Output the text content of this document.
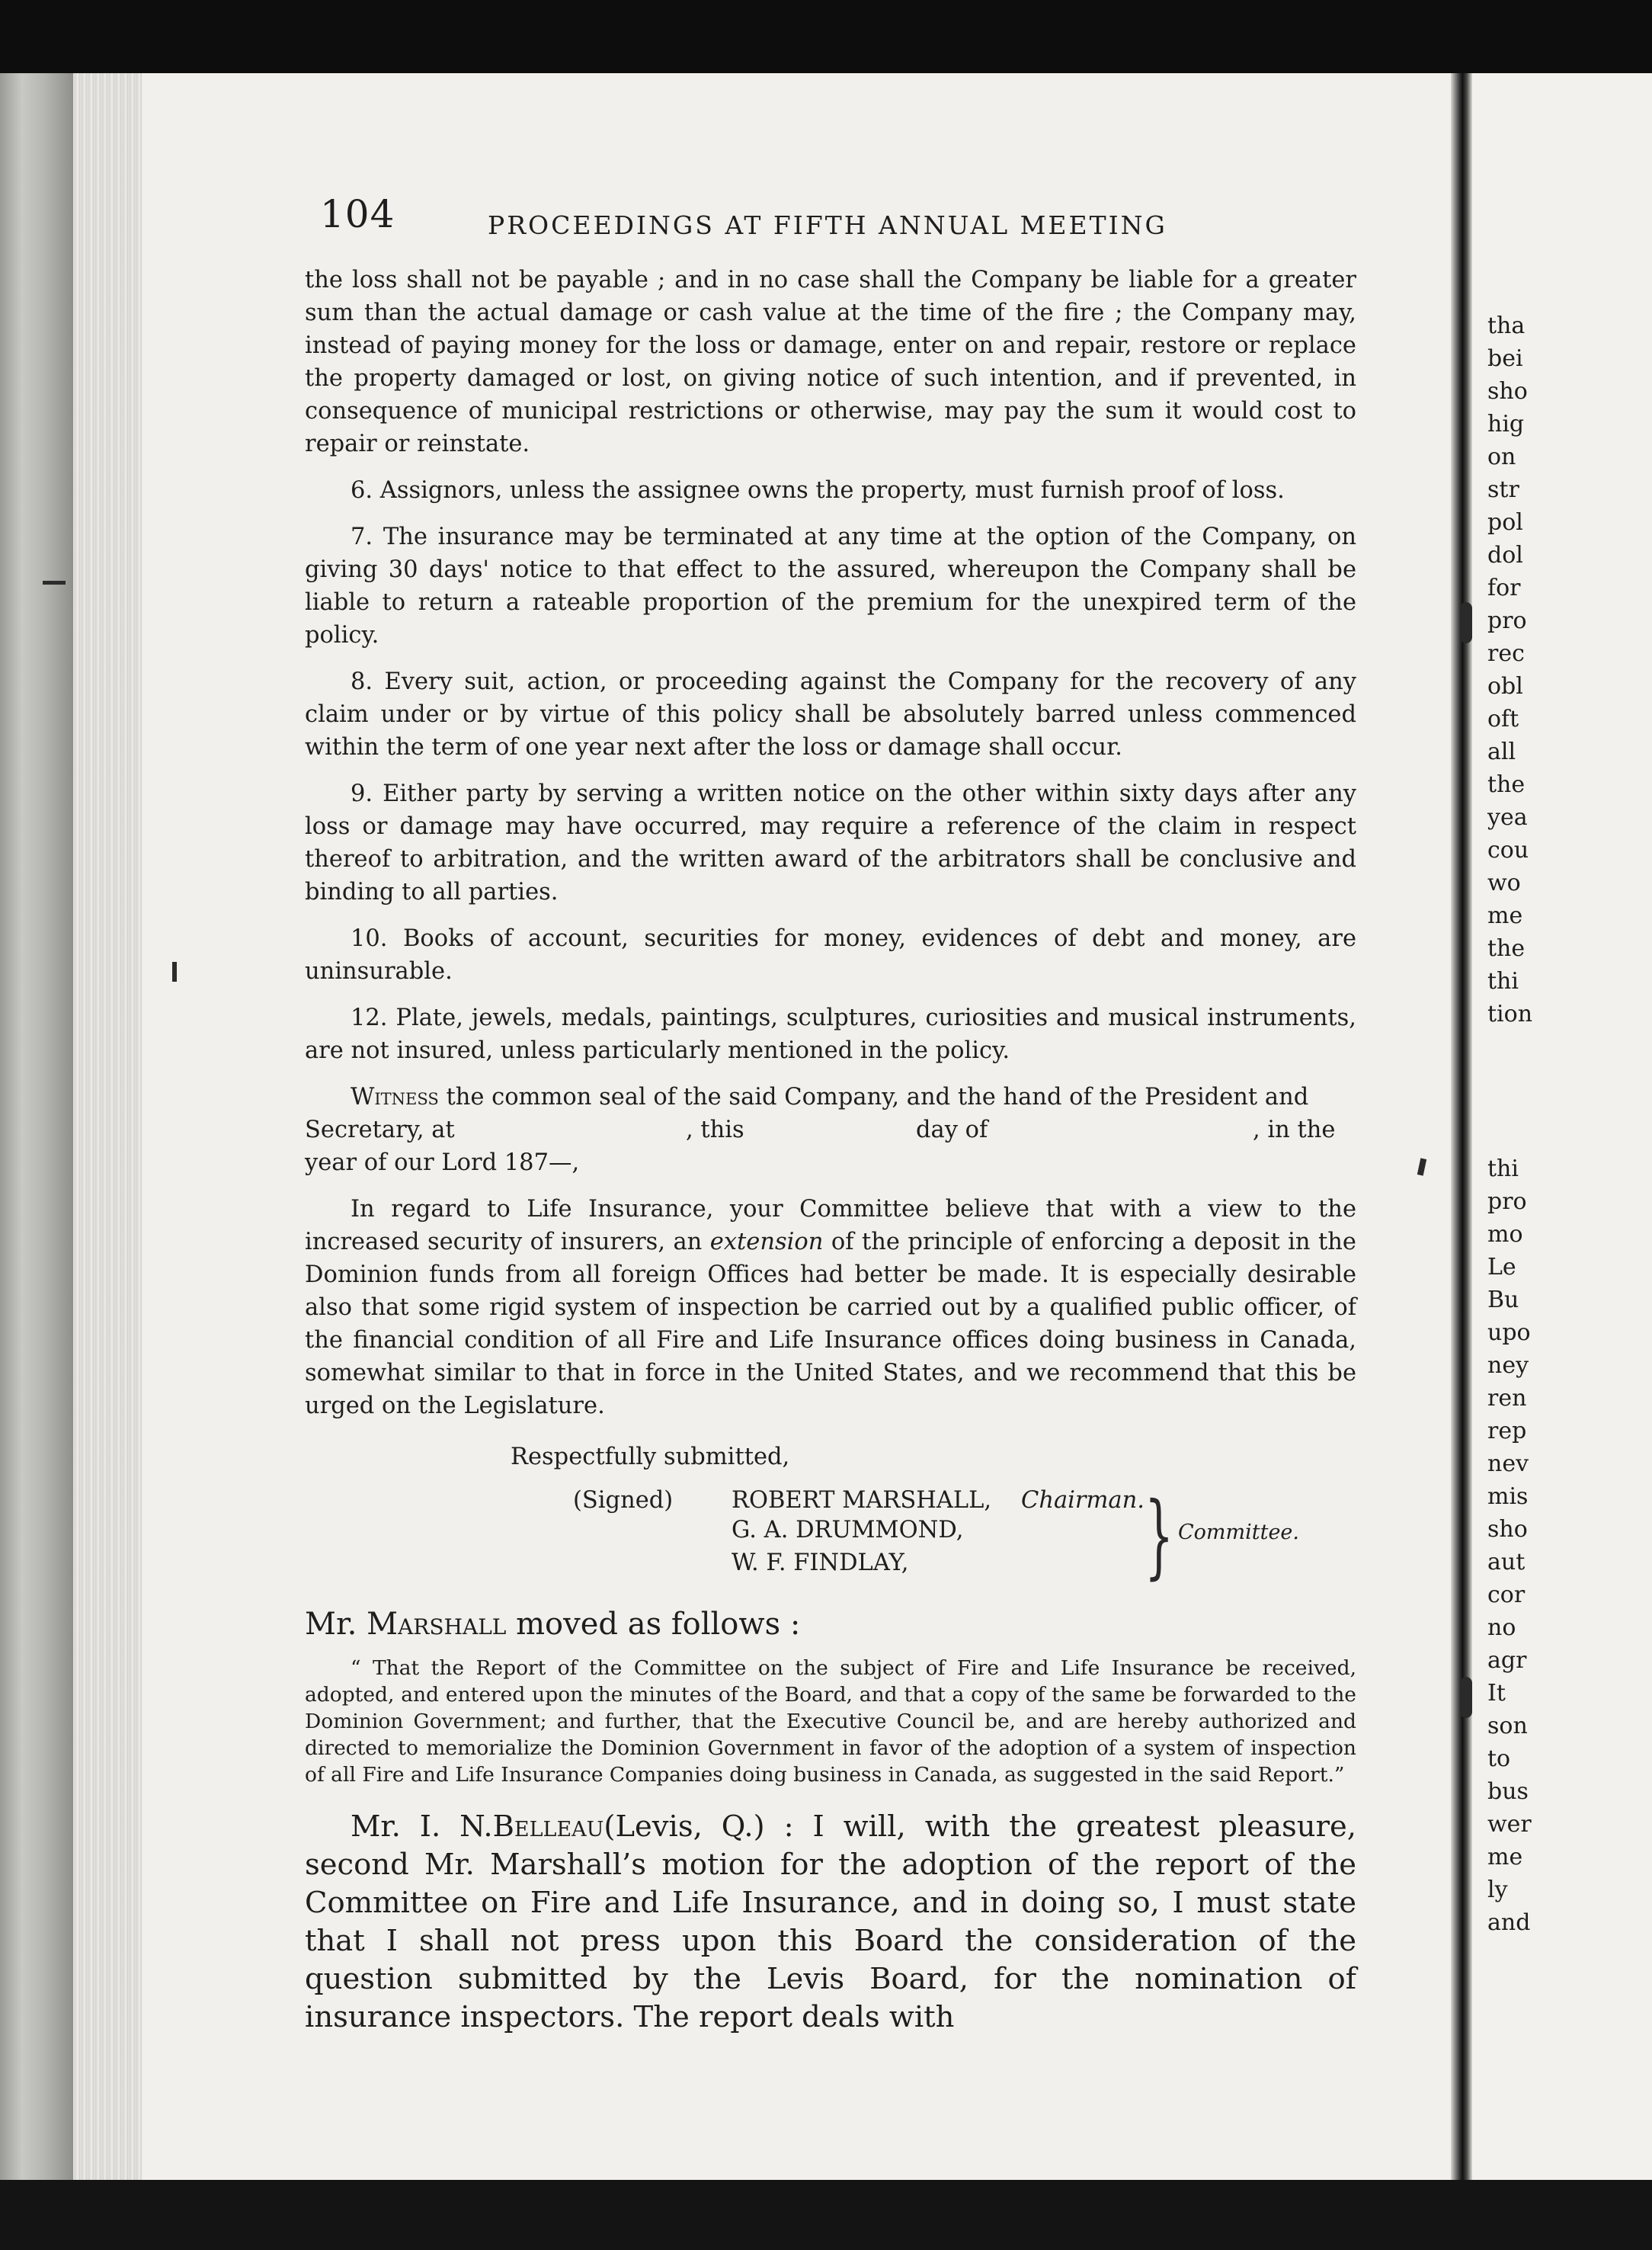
tha
bei
sho
hig
on
str
pol
dol
for
pro
rec
obl
oft
all
the
yea
cou
wo
me
the
thi
tion
thi
pro
mo
Le
Bu
upo
ney
ren
rep
nev
mis
sho
aut
cor
no
agr
It
son
to
bus
wer
me
ly
and
104	PROCEEDINGS AT FIFTH ANNUAL MEETING

the loss shall not be payable ; and in no case shall the Company be liable for a greater sum than the actual damage or cash value at the time of the fire ; the Company may, instead of paying money for the loss or damage, enter on and repair, restore or replace the property damaged or lost, on giving notice of such intention, and if prevented, in consequence of municipal restrictions or otherwise, may pay the sum it would cost to repair or reinstate.

6. Assignors, unless the assignee owns the property, must furnish proof of loss.

7. The insurance may be terminated at any time at the option of the Company, on giving 30 days' notice to that effect to the assured, whereupon the Company shall be liable to return a rateable proportion of the premium for the unexpired term of the policy.

8. Every suit, action, or proceeding against the Company for the recovery of any claim under or by virtue of this policy shall be absolutely barred unless commenced within the term of one year next after the loss or damage shall occur.

9. Either party by serving a written notice on the other within sixty days after any loss or damage may have occurred, may require a reference of the claim in respect thereof to arbitration, and the written award of the arbitrators shall be conclusive and binding to all parties.

10. Books of account, securities for money, evidences of debt and money, are uninsurable.

12. Plate, jewels, medals, paintings, sculptures, curiosities and musical instruments, are not insured, unless particularly mentioned in the policy.

Witness the common seal of the said Company, and the hand of the President and

Secretary, at	, this	day of	, in the

year of our Lord 187—,

In regard to Life Insurance, your Committee believe that with a view to the increased security of insurers, an extension of the principle of enforcing a deposit in the Dominion funds from all foreign Offices had better be made. It is especially desirable also that some rigid system of inspection be carried out by a qualified public officer, of the financial condition of all Fire and Life Insurance offices doing business in Canada, somewhat similar to that in force in the United States, and we recommend that this be urged on the Legislature.

Respectfully submitted,

(Signed)	ROBERT MARSHALL, Chairman.
G. A. DRUMMOND,
W. F. FINDLAY,	} Committee.

Mr. Marshall moved as follows :

“ That the Report of the Committee on the subject of Fire and Life Insurance be received, adopted, and entered upon the minutes of the Board, and that a copy of the same be forwarded to the Dominion Government; and further, that the Executive Council be, and are hereby authorized and directed to memorialize the Dominion Government in favor of the adoption of a system of inspection of all Fire and Life Insurance Companies doing business in Canada, as suggested in the said Report.”

Mr. I. N.Belleau(Levis, Q.) : I will, with the greatest pleasure, second Mr. Marshall’s motion for the adoption of the report of the Committee on Fire and Life Insurance, and in doing so, I must state that I shall not press upon this Board the consideration of the question submitted by the Levis Board, for the nomination of insurance inspectors. The report deals with
